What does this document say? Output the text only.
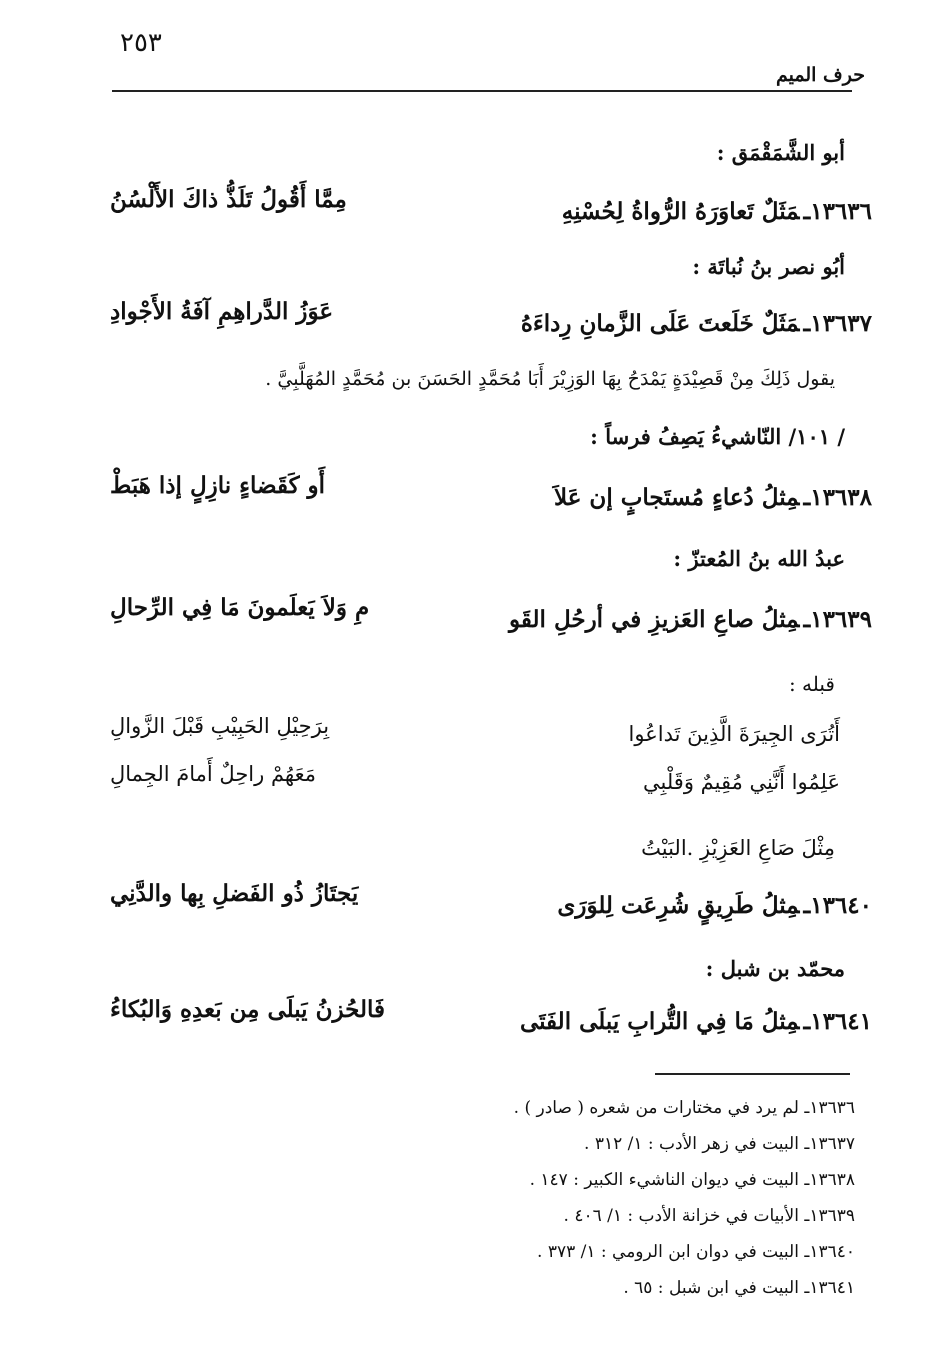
٢٥٣
حرف الميم
أبو الشَّمَقْمَق :
١٣٦٣٦ـمَثَلٌ تَعاوَرَهُ الرُّواةُ لِحُسْنِهِ
مِمَّا أَقُولُ تَلَذُّ ذاكَ الأَلْسُنُ
أبُو نصر بنُ نُباتَة :
١٣٦٣٧ـمَثَلٌ خَلَعتَ عَلَى الزَّمانِ رِداءَهُ
عَوَزُ الدَّراهِمِ آفَةُ الأَجْوادِ
يقول ذَلِكَ مِنْ قَصِيْدَةٍ يَمْدَحُ بِهَا الوَزِيْرَ أَبَا مُحَمَّدٍ الحَسَنَ بن مُحَمَّدٍ المُهَلَّبِيَّ .
/ ١٠١/ النّاشيءُ يَصِفُ فرساً :
١٣٦٣٨ـمِثلُ دُعاءٍ مُستَجابٍ إن عَلاَ
أَو كَقَضاءٍ نازِلٍ إذا هَبَطْ
عبدُ الله بنُ المُعتزّ :
١٣٦٣٩ـمِثلُ صاعِ العَزيزِ في أرحُلِ القَو
مِ وَلاَ يَعلَمونَ مَا فِي الرِّحالِ
قبله :
أَتُرَى الجِيرَةَ الَّذِينَ تَداعُوا
بِرَحِيْلِ الحَبِيْبِ قَبْلَ الزَّوالِ
عَلِمُوا أَنَّنِي مُقِيمٌ وَقَلْبِي
مَعَهُمْ راحِلٌ أَمامَ الجِمالِ
مِثْلَ صَاعِ العَزِيْزِ .البَيْتُ
١٣٦٤٠ـمِثلُ طَرِيقٍ شُرِعَت لِلوَرَى
يَجتَازُ ذُو الفَضلِ بِها والدَّنِي
محمّد بن شبل :
١٣٦٤١ـمِثلُ مَا فِي التُّرابِ يَبلَى الفَتَى
فَالحُزنُ يَبلَى مِن بَعدِهِ وَالبُكاءُ
١٣٦٣٦ـ لم يرد في مختارات من شعره ( صادر ) .
١٣٦٣٧ـ البيت في زهر الأدب : ١/ ٣١٢ .
١٣٦٣٨ـ البيت في ديوان الناشيء الكبير : ١٤٧ .
١٣٦٣٩ـ الأبيات في خزانة الأدب : ١/ ٤٠٦ .
١٣٦٤٠ـ البيت في دوان ابن الرومي : ١/ ٣٧٣ .
١٣٦٤١ـ البيت في ابن شبل : ٦٥ .
